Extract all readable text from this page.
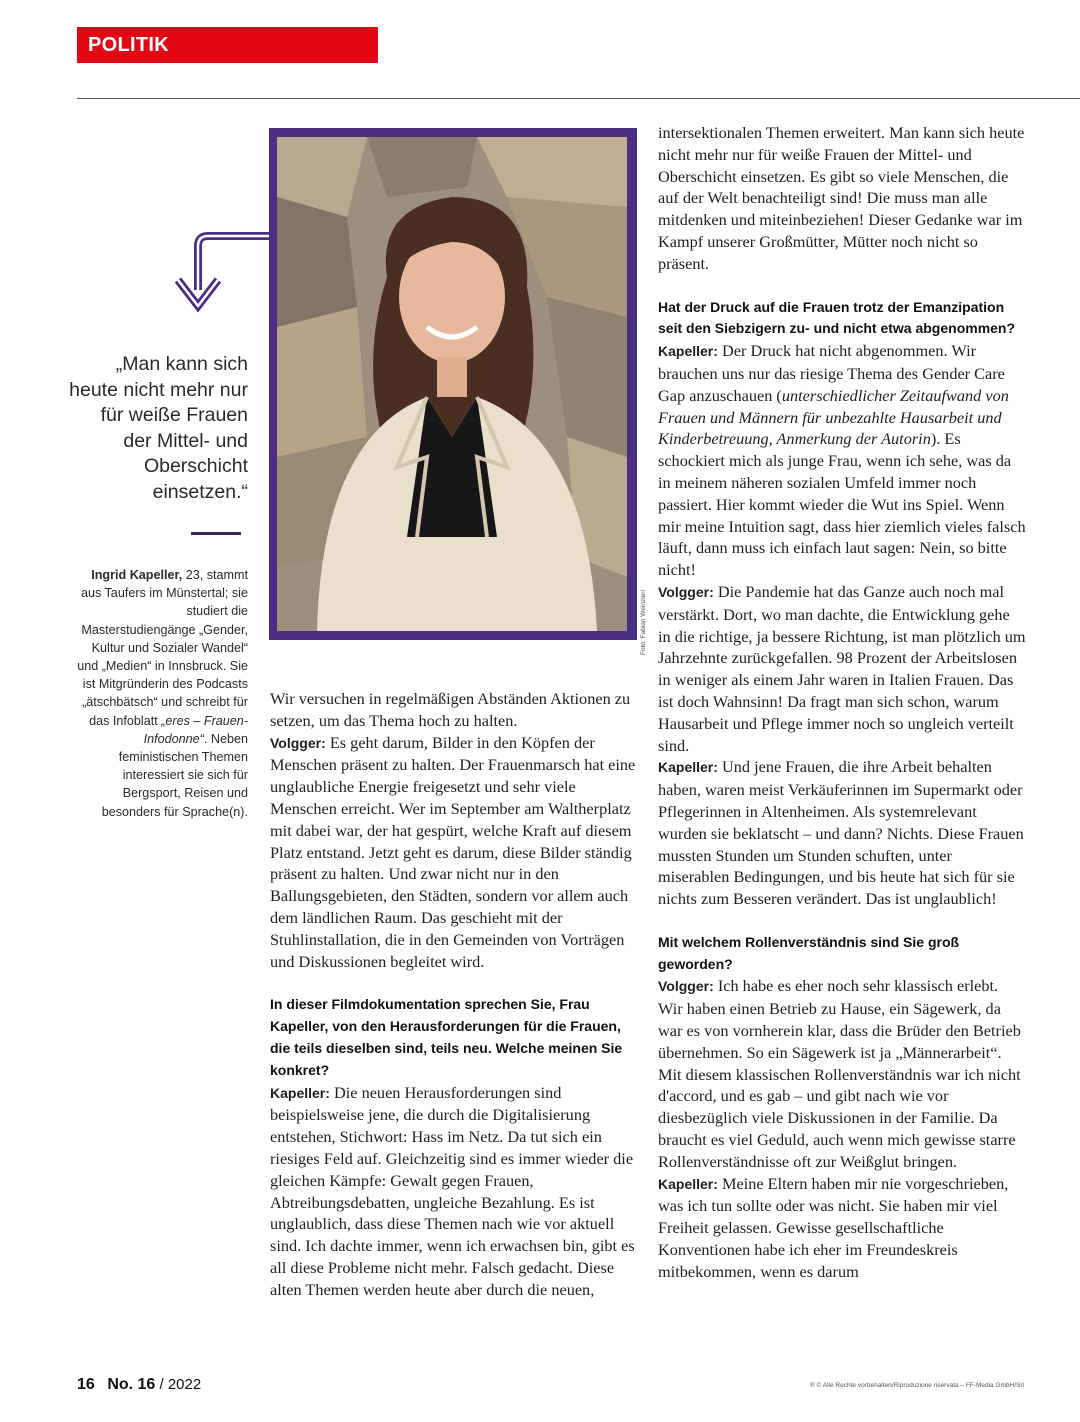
POLITIK
„Man kann sich heute nicht mehr nur für weiße Frauen der Mittel- und Oberschicht einsetzen.“
Ingrid Kapeller, 23, stammt aus Taufers im Münstertal; sie studiert die Masterstudiengänge „Gender, Kultur und Sozialer Wandel“ und „Medien“ in Innsbruck. Sie ist Mitgründerin des Podcasts „ätschbätsch“ und schreibt für das Infoblatt „eres – Frauen-Infodonne“. Neben feministischen Themen interessiert sie sich für Bergsport, Reisen und besonders für Sprache(n).
Foto: Fabian Weinzierl

Wir versuchen in regelmäßigen Abständen Aktionen zu setzen, um das Thema hoch zu halten.

Volgger: Es geht darum, Bilder in den Köpfen der Menschen präsent zu halten. Der Frauenmarsch hat eine unglaubliche Energie freigesetzt und sehr viele Menschen erreicht. Wer im September am Waltherplatz mit dabei war, der hat gespürt, welche Kraft auf diesem Platz entstand. Jetzt geht es darum, diese Bilder ständig präsent zu halten. Und zwar nicht nur in den Ballungsgebieten, den Städten, sondern vor allem auch dem ländlichen Raum. Das geschieht mit der Stuhlinstallation, die in den Gemeinden von Vorträgen und Diskussionen begleitet wird.

In dieser Filmdokumentation sprechen Sie, Frau Kapeller, von den Herausforderungen für die Frauen, die teils dieselben sind, teils neu. Welche meinen Sie konkret?

Kapeller: Die neuen Herausforderungen sind beispielsweise jene, die durch die Digitalisierung entstehen, Stichwort: Hass im Netz. Da tut sich ein riesiges Feld auf. Gleichzeitig sind es immer wieder die gleichen Kämpfe: Gewalt gegen Frauen, Abtreibungsdebatten, ungleiche Bezahlung. Es ist unglaublich, dass diese Themen nach wie vor aktuell sind. Ich dachte immer, wenn ich erwachsen bin, gibt es all diese Probleme nicht mehr. Falsch gedacht. Diese alten Themen werden heute aber durch die neuen,

intersektionalen Themen erweitert. Man kann sich heute nicht mehr nur für weiße Frauen der Mittel- und Oberschicht einsetzen. Es gibt so viele Menschen, die auf der Welt benachteiligt sind! Die muss man alle mitdenken und miteinbeziehen! Dieser Gedanke war im Kampf unserer Großmütter, Mütter noch nicht so präsent.

Hat der Druck auf die Frauen trotz der Emanzipation seit den Siebzigern zu- und nicht etwa abgenommen?

Kapeller: Der Druck hat nicht abgenommen. Wir brauchen uns nur das riesige Thema des Gender Care Gap anzuschauen (unterschiedlicher Zeitaufwand von Frauen und Männern für unbezahlte Hausarbeit und Kinderbetreuung, Anmerkung der Autorin). Es schockiert mich als junge Frau, wenn ich sehe, was da in meinem näheren sozialen Umfeld immer noch passiert. Hier kommt wieder die Wut ins Spiel. Wenn mir meine Intuition sagt, dass hier ziemlich vieles falsch läuft, dann muss ich einfach laut sagen: Nein, so bitte nicht!

Volgger: Die Pandemie hat das Ganze auch noch mal verstärkt. Dort, wo man dachte, die Entwicklung gehe in die richtige, ja bessere Richtung, ist man plötzlich um Jahrzehnte zurückgefallen. 98 Prozent der Arbeitslosen in weniger als einem Jahr waren in Italien Frauen. Das ist doch Wahnsinn! Da fragt man sich schon, warum Hausarbeit und Pflege immer noch so ungleich verteilt sind.

Kapeller: Und jene Frauen, die ihre Arbeit behalten haben, waren meist Verkäuferinnen im Supermarkt oder Pflegerinnen in Altenheimen. Als systemrelevant wurden sie beklatscht – und dann? Nichts. Diese Frauen mussten Stunden um Stunden schuften, unter miserablen Bedingungen, und bis heute hat sich für sie nichts zum Besseren verändert. Das ist unglaublich!

Mit welchem Rollenverständnis sind Sie groß geworden?

Volgger: Ich habe es eher noch sehr klassisch erlebt. Wir haben einen Betrieb zu Hause, ein Sägewerk, da war es von vornherein klar, dass die Brüder den Betrieb übernehmen. So ein Sägewerk ist ja „Männerarbeit“. Mit diesem klassischen Rollenverständnis war ich nicht d'accord, und es gab – und gibt nach wie vor diesbezüglich viele Diskussionen in der Familie. Da braucht es viel Geduld, auch wenn mich gewisse starre Rollenverständnisse oft zur Weißglut bringen.

Kapeller: Meine Eltern haben mir nie vorgeschrieben, was ich tun sollte oder was nicht. Sie haben mir viel Freiheit gelassen. Gewisse gesellschaftliche Konventionen habe ich eher im Freundeskreis mitbekommen, wenn es darum

16 No. 16 / 2022	® © Alle Rechte vorbehalten/Riproduzione riservata – FF-Media GmbH/Srl
